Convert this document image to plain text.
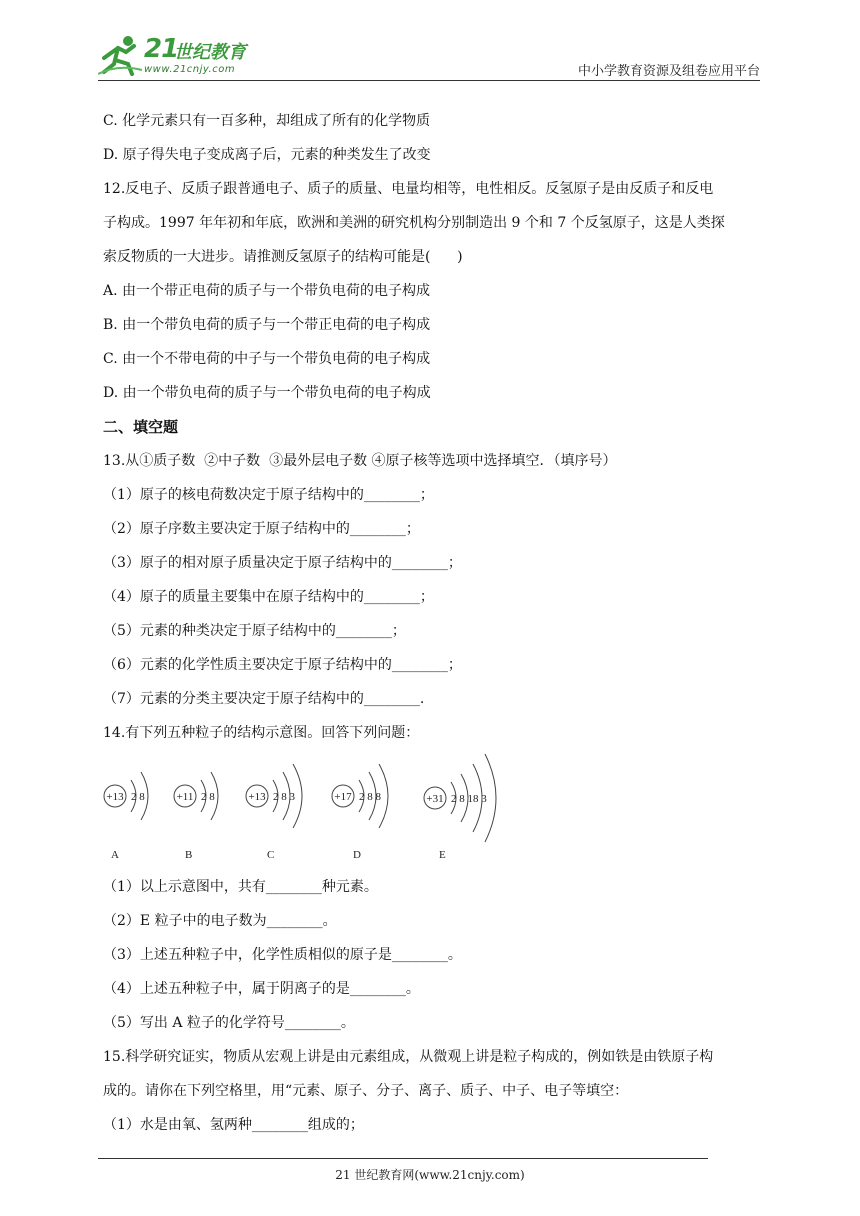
21
世纪教育
www.21cnjy.com	中小学教育资源及组卷应用平台
C. 化学元素只有一百多种，却组成了所有的化学物质
D. 原子得失电子变成离子后，元素的种类发生了改变
12.反电子、反质子跟普通电子、质子的质量、电量均相等，电性相反。反氢原子是由反质子和反电
子构成。1997 年年初和年底，欧洲和美洲的研究机构分别制造出 9 个和 7 个反氢原子，这是人类探
索反物质的一大进步。请推测反氢原子的结构可能是(      )
A. 由一个带正电荷的质子与一个带负电荷的电子构成
B. 由一个带负电荷的质子与一个带正电荷的电子构成
C. 由一个不带电荷的中子与一个带负电荷的电子构成
D. 由一个带负电荷的质子与一个带负电荷的电子构成
二、填空题
13.从①质子数  ②中子数  ③最外层电子数 ④原子核等选项中选择填空．（填序号）
（1）原子的核电荷数决定于原子结构中的________；
（2）原子序数主要决定于原子结构中的________；
（3）原子的相对原子质量决定于原子结构中的________；
（4）原子的质量主要集中在原子结构中的________；
（5）元素的种类决定于原子结构中的________；
（6）元素的化学性质主要决定于原子结构中的________；
（7）元素的分类主要决定于原子结构中的________.
14.有下列五种粒子的结构示意图。回答下列问题：
+13 2 8
A
+11 2 8
B
+13 2 8 3
C
+17 2 8 8
D
+31 2 8 18 3
E
（1）以上示意图中，共有________种元素。
（2）E 粒子中的电子数为________。
（3）上述五种粒子中，化学性质相似的原子是________。
（4）上述五种粒子中，属于阴离子的是________。
（5）写出 A 粒子的化学符号________。
15.科学研究证实，物质从宏观上讲是由元素组成，从微观上讲是粒子构成的，例如铁是由铁原子构
成的。请你在下列空格里，用“元素、原子、分子、离子、质子、中子、电子等填空：
（1）水是由氧、氢两种________组成的；
21 世纪教育网(www.21cnjy.com)
